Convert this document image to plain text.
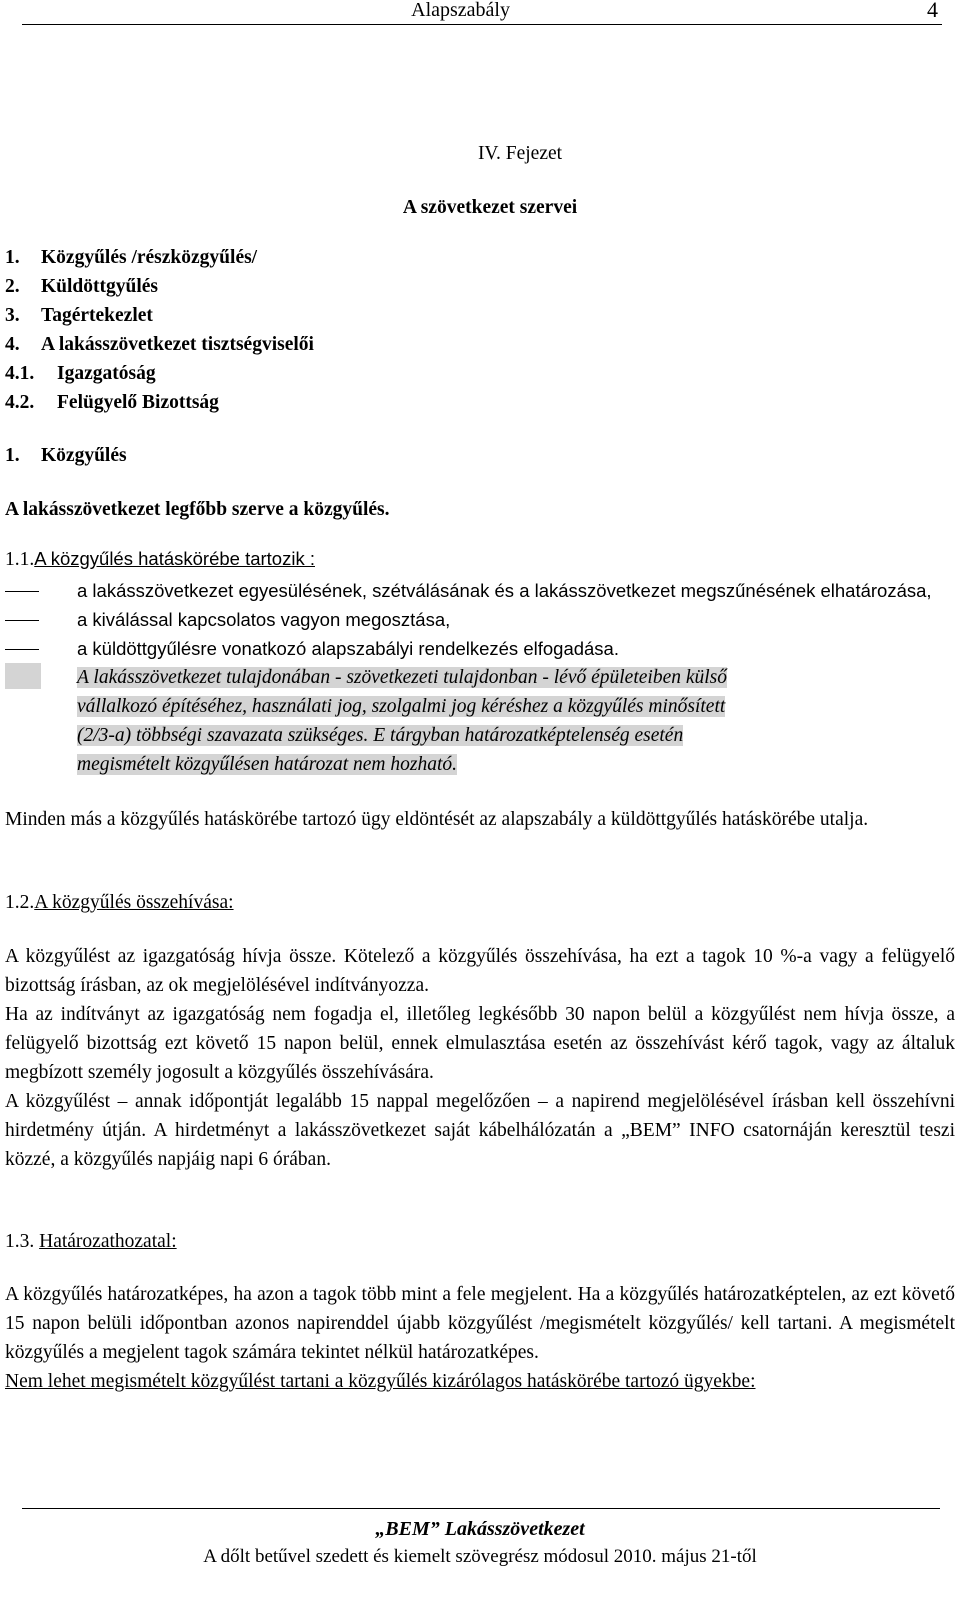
Alapszabály	4
IV. Fejezet
A szövetkezet szervei
1. Közgyűlés /részközgyűlés/
2. Küldöttgyűlés
3. Tagértekezlet
4. A lakásszövetkezet tisztségviselői
4.1. Igazgatóság
4.2. Felügyelő Bizottság
1. Közgyűlés
A lakásszövetkezet legfőbb szerve a közgyűlés.
1.1.A közgyűlés hatáskörébe tartozik :
a lakásszövetkezet egyesülésének, szétválásának és a lakásszövetkezet megszűnésének elhatározása,
a kiválással kapcsolatos vagyon megosztása,
a küldöttgyűlésre vonatkozó alapszabályi rendelkezés elfogadása.
A lakásszövetkezet tulajdonában - szövetkezeti tulajdonban - lévő épületeiben külső
vállalkozó építéséhez, használati jog, szolgalmi jog kéréshez a közgyűlés minősített
(2/3-a) többségi szavazata szükséges. E tárgyban határozatképtelenség esetén
megismételt közgyűlésen határozat nem hozható.
Minden más a közgyűlés hatáskörébe tartozó ügy eldöntését az alapszabály a küldöttgyűlés hatáskörébe utalja.
1.2.A közgyűlés összehívása:
A közgyűlést az igazgatóság hívja össze. Kötelező a közgyűlés összehívása, ha ezt a tagok 10 %-a vagy a felügyelő bizottság írásban, az ok megjelölésével indítványozza.
Ha az indítványt az igazgatóság nem fogadja el, illetőleg legkésőbb 30 napon belül a közgyűlést nem hívja össze, a felügyelő bizottság ezt követő 15 napon belül, ennek elmulasztása esetén az összehívást kérő tagok, vagy az általuk megbízott személy jogosult a közgyűlés összehívására.
A közgyűlést – annak időpontját legalább 15 nappal megelőzően – a napirend megjelölésével írásban kell összehívni hirdetmény útján. A hirdetményt a lakásszövetkezet saját kábelhálózatán a „BEM” INFO csatornáján keresztül teszi közzé, a közgyűlés napjáig napi 6 órában.
1.3. Határozathozatal:
A közgyűlés határozatképes, ha azon a tagok több mint a fele megjelent. Ha a közgyűlés határozatképtelen, az ezt követő 15 napon belüli időpontban azonos napirenddel újabb közgyűlést /megismételt közgyűlés/ kell tartani. A megismételt közgyűlés a megjelent tagok számára tekintet nélkül határozatképes.
Nem lehet megismételt közgyűlést tartani a közgyűlés kizárólagos hatáskörébe tartozó ügyekbe:
„BEM” Lakásszövetkezet
A dőlt betűvel szedett és kiemelt szövegrész módosul 2010. május 21-től
